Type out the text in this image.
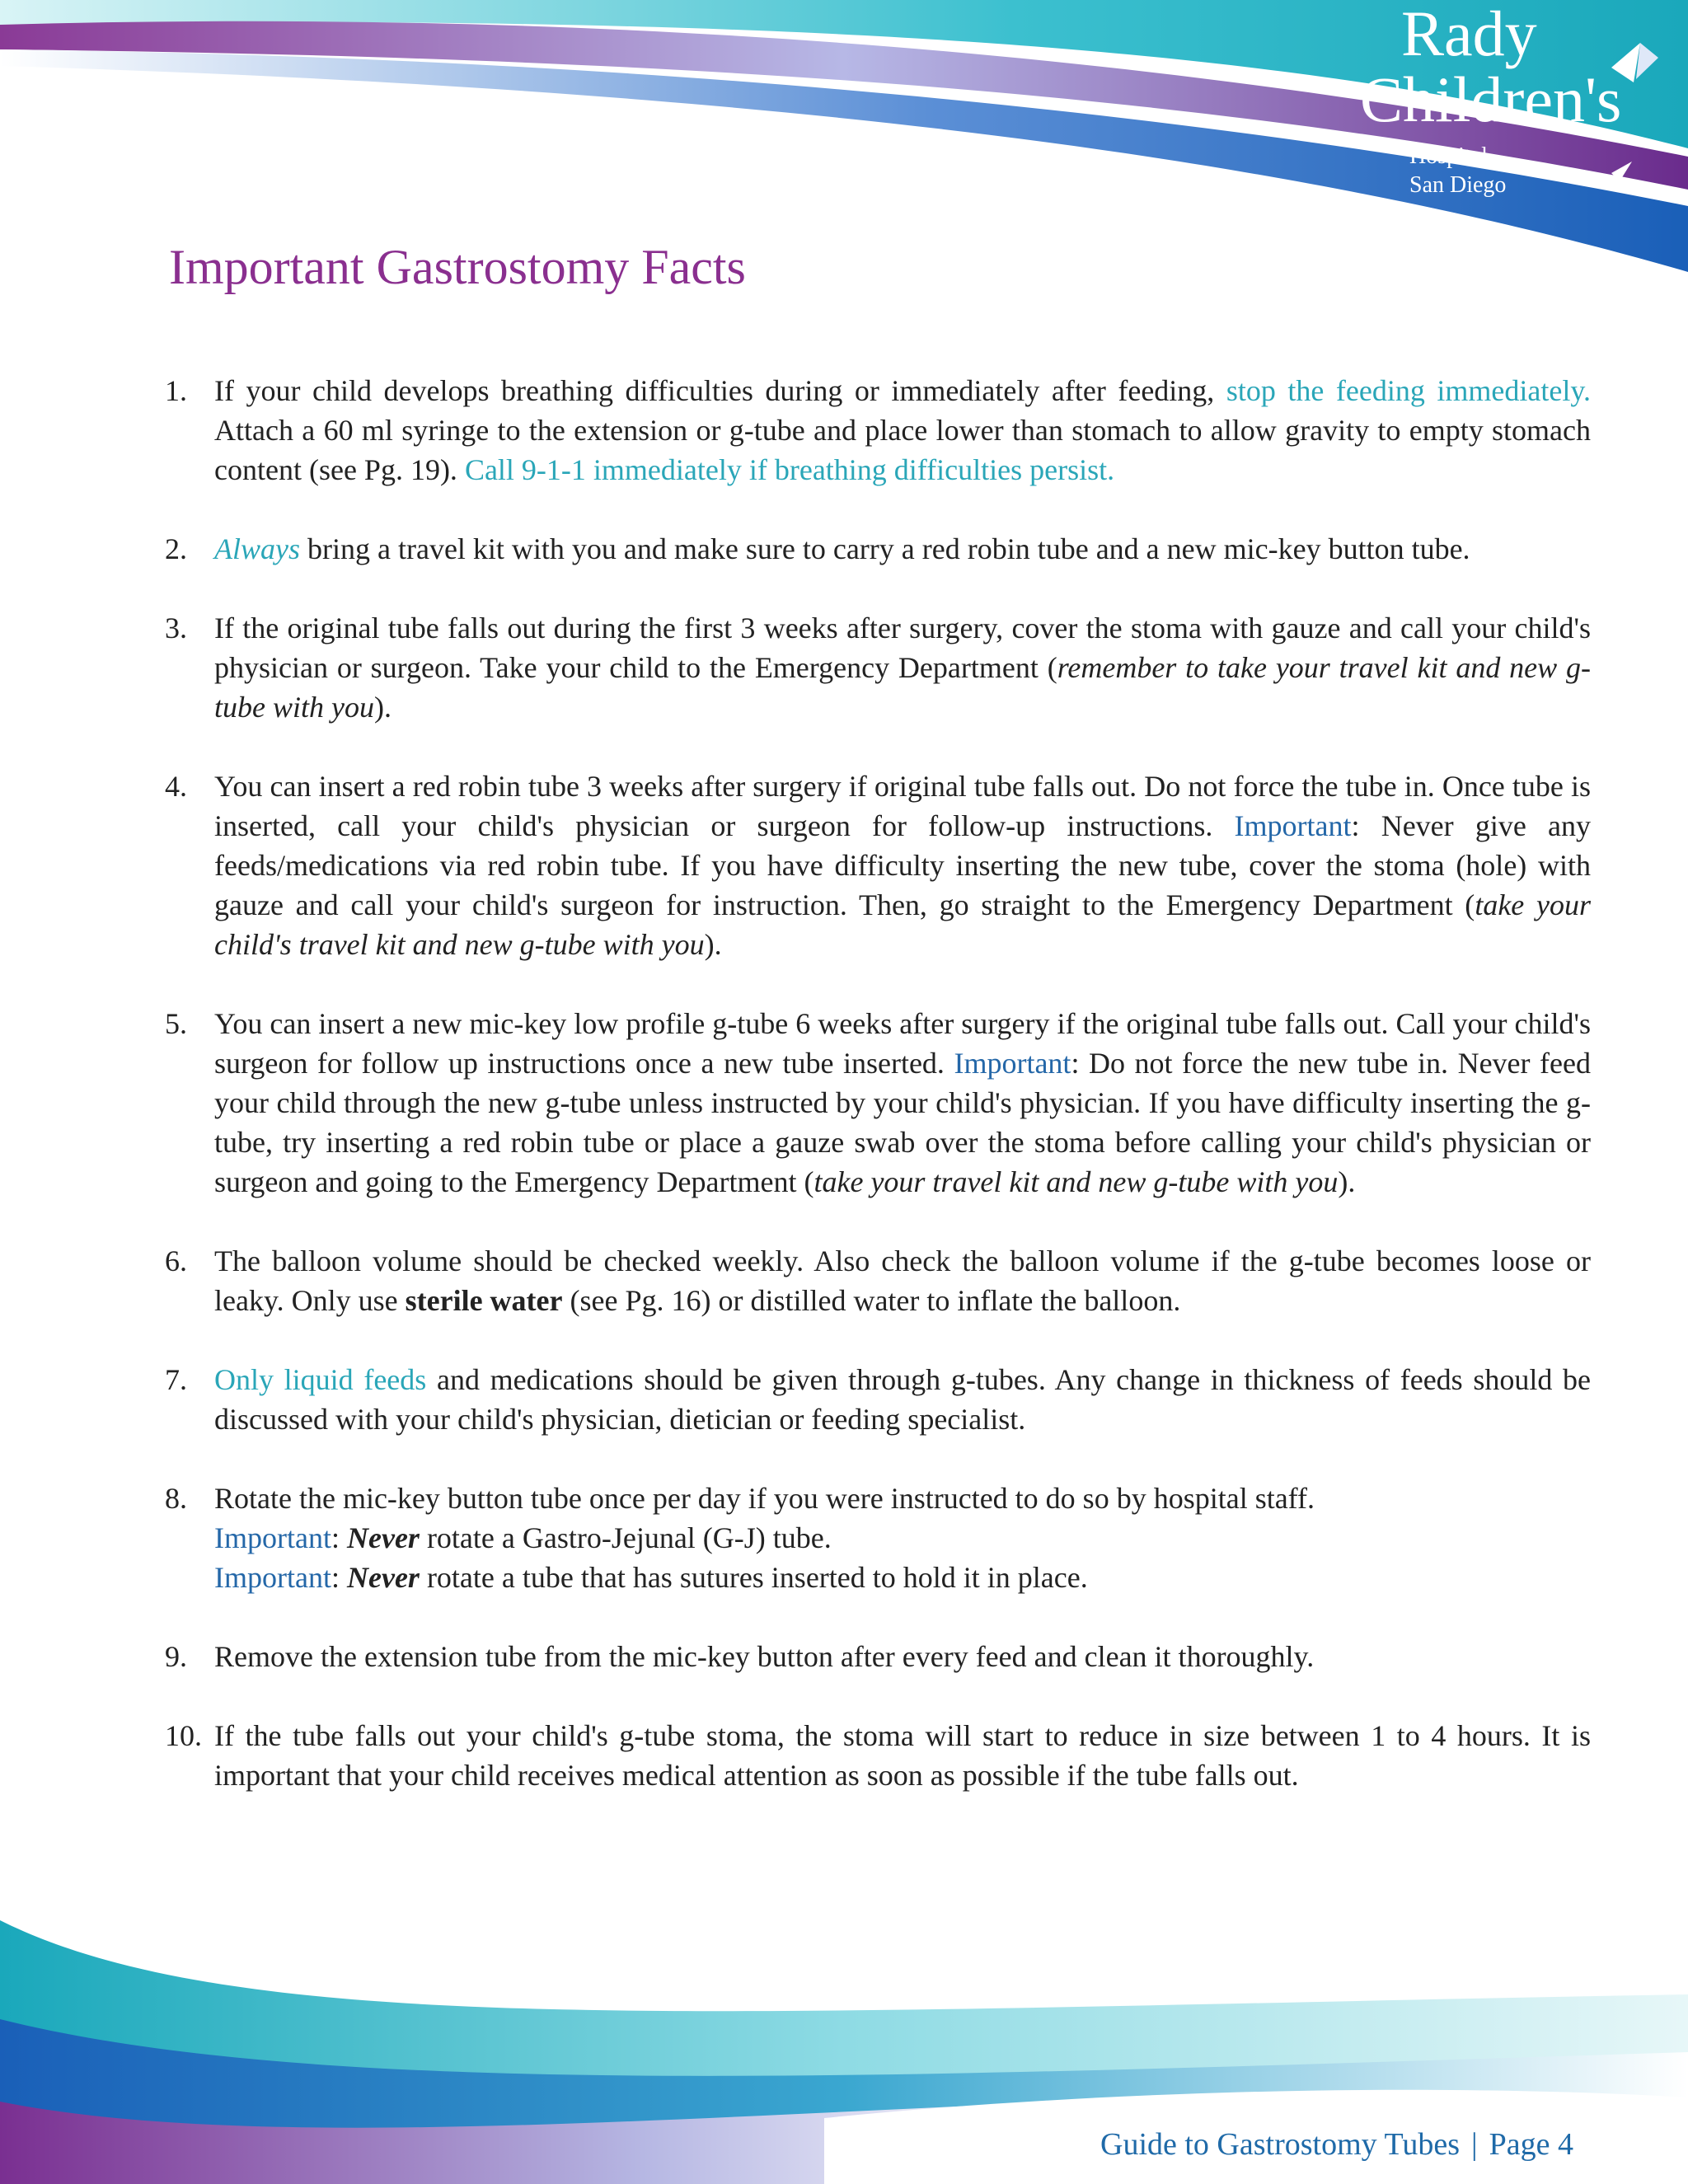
Rady
Children's
Hospital
San Diego
Important Gastrostomy Facts
1. If your child develops breathing difficulties during or immediately after feeding, stop the feeding immediately. Attach a 60 ml syringe to the extension or g-tube and place lower than stomach to allow gravity to empty stomach content (see Pg. 19). Call 9-1-1 immediately if breathing difficulties persist.
2. Always bring a travel kit with you and make sure to carry a red robin tube and a new mic-key button tube.
3. If the original tube falls out during the first 3 weeks after surgery, cover the stoma with gauze and call your child's physician or surgeon. Take your child to the Emergency Department (remember to take your travel kit and new g-tube with you).
4. You can insert a red robin tube 3 weeks after surgery if original tube falls out. Do not force the tube in. Once tube is inserted, call your child's physician or surgeon for follow-up instructions. Important: Never give any feeds/medications via red robin tube. If you have difficulty inserting the new tube, cover the stoma (hole) with gauze and call your child's surgeon for instruction. Then, go straight to the Emergency Department (take your child's travel kit and new g-tube with you).
5. You can insert a new mic-key low profile g-tube 6 weeks after surgery if the original tube falls out. Call your child's surgeon for follow up instructions once a new tube inserted. Important: Do not force the new tube in. Never feed your child through the new g-tube unless instructed by your child's physician. If you have difficulty inserting the g-tube, try inserting a red robin tube or place a gauze swab over the stoma before calling your child's physician or surgeon and going to the Emergency Department (take your travel kit and new g-tube with you).
6. The balloon volume should be checked weekly. Also check the balloon volume if the g-tube becomes loose or leaky. Only use sterile water (see Pg. 16) or distilled water to inflate the balloon.
7. Only liquid feeds and medications should be given through g-tubes. Any change in thickness of feeds should be discussed with your child's physician, dietician or feeding specialist.
8. Rotate the mic-key button tube once per day if you were instructed to do so by hospital staff.
Important: Never rotate a Gastro-Jejunal (G-J) tube.
Important: Never rotate a tube that has sutures inserted to hold it in place.
9. Remove the extension tube from the mic-key button after every feed and clean it thoroughly.
10. If the tube falls out your child's g-tube stoma, the stoma will start to reduce in size between 1 to 4 hours. It is important that your child receives medical attention as soon as possible if the tube falls out.
Guide to Gastrostomy Tubes | Page 4
